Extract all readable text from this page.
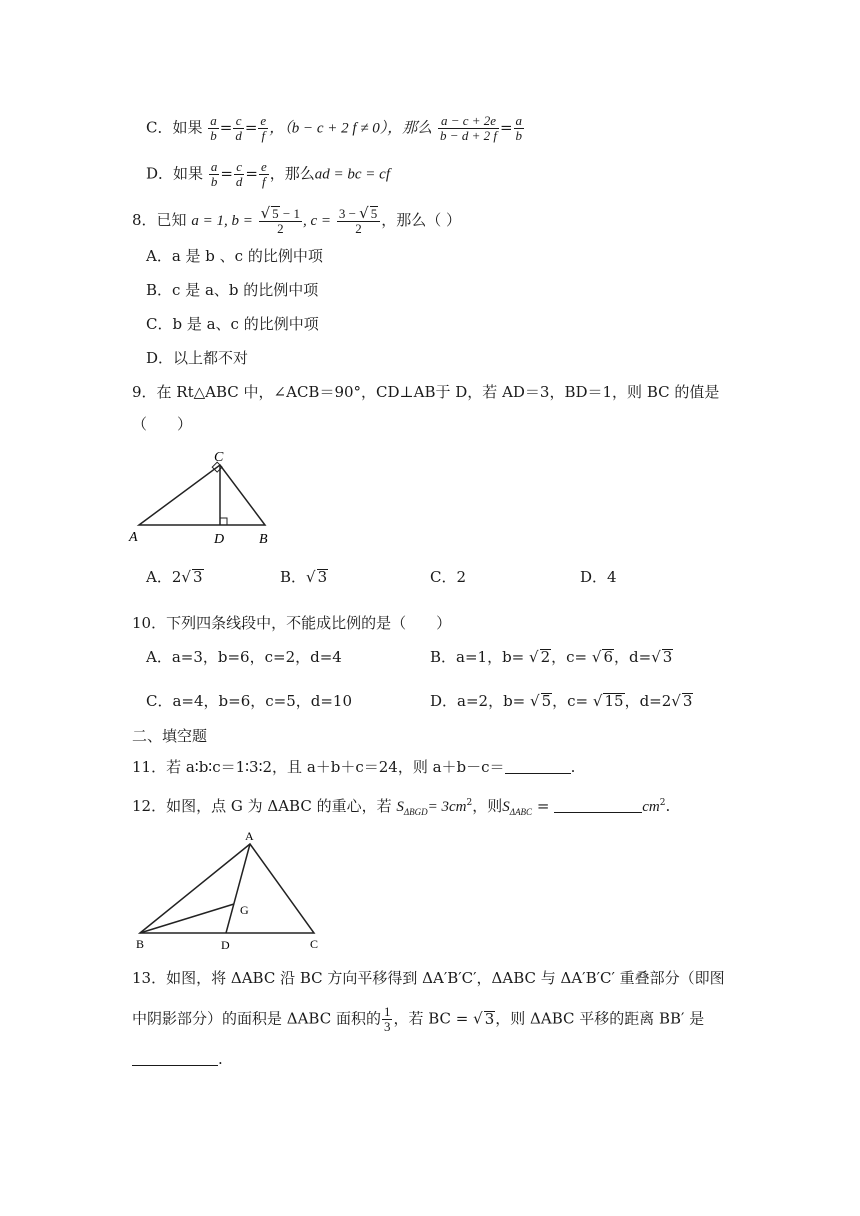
C．如果 $\frac{a}{b} = \frac{c}{d} = \frac{e}{f}$ ，（b − c + 2 f ≠ 0），那么 $\frac{a - c + 2e}{b - d + 2 f} = \frac{a}{b}$
D．如果 $\frac{a}{b} = \frac{c}{d} = \frac{e}{f}$ ，那么ad = bc = cf
8．已知 a = 1, $b = \frac{√ 5 - 1}{2}$ , $c = \frac{3 - √ 5}{2}$ ，那么（ ）
A．a 是 b 、c 的比例中项
B．c 是 a、b 的比例中项
C．b 是 a、c 的比例中项
D．以上都不对
9．在 Rt△ABC 中，∠ACB＝90°，CD⊥AB于 D，若 AD＝3，BD＝1，则 BC 的值是
（　　）
A
C
D B
A．2√ 3	B．√ 3	C．2	D．4
10．下列四条线段中，不能成比例的是（　　）
A．a=3，b=6，c=2，d=4	B．a=1，b= √ 2，c= √ 6，d=√ 3
C．a=4，b=6，c=5，d=10	D．a=2，b= √ 5，c= √ 15，d=2√ 3
二、填空题
11．若 a∶b∶c＝1∶3∶2，且 a＋b＋c＝24，则 a＋b－c＝	.
12．如图，点 G 为 ΔABC 的重心，若 $S_{\Delta BGD}= 3cm^2$，则$S_{\Delta ABC}$ =	$cm^2$.
A
G
B	D	C
13．如图，将 ΔABC 沿 BC 方向平移得到 ΔA′B′C′，ΔABC 与 ΔA′B′C′ 重叠部分（即图
中阴影部分）的面积是 ΔABC 面积的 $\frac{1}{3}$ ，若 BC = √ 3，则 ΔABC 平移的距离 BB′ 是
.
